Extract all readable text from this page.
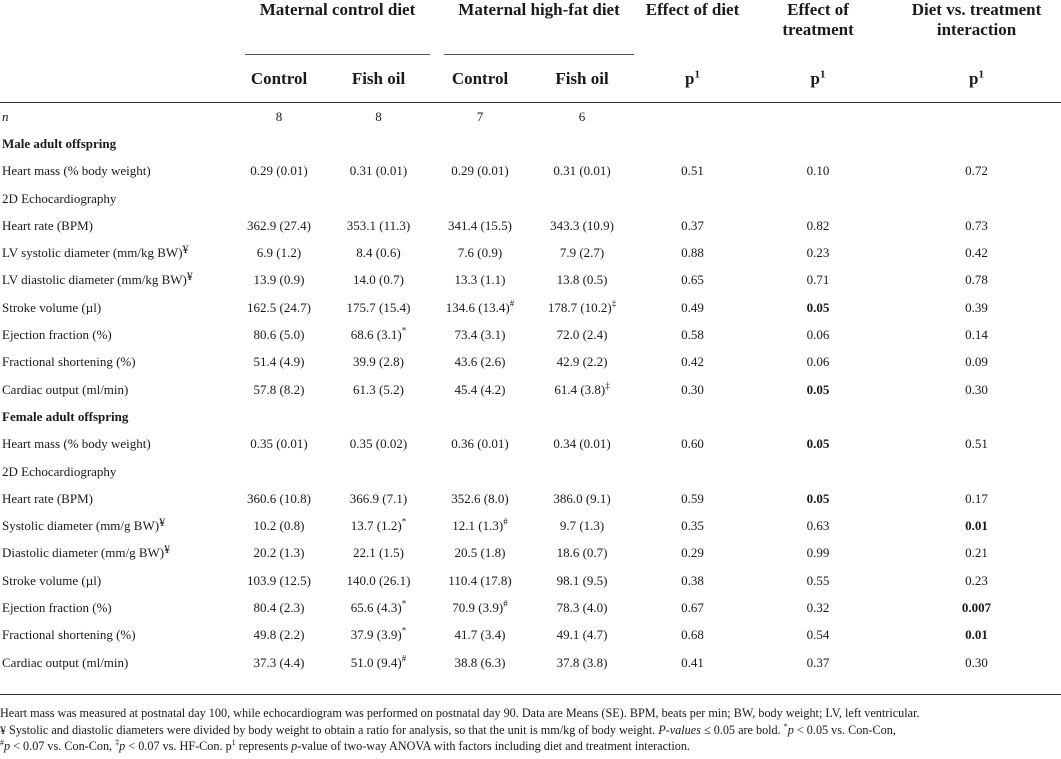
	Maternal control diet		Maternal high-fat diet		Effect of diet	Effect of treatment	Diet vs. treatment interaction
	Control	Fish oil	Control	Fish oil	$p^1$	$p^1$	$p^1$
n	8	8	7	6			
Male adult offspring							
Heart mass (% body weight)	0.29 (0.01)	0.31 (0.01)	0.29 (0.01)	0.31 (0.01)	0.51	0.10	0.72
2D Echocardiography							
Heart rate (BPM)	362.9 (27.4)	353.1 (11.3)	341.4 (15.5)	343.3 (10.9)	0.37	0.82	0.73
LV systolic diameter (mm/kg BW)¥	6.9 (1.2)	8.4 (0.6)	7.6 (0.9)	7.9 (2.7)	0.88	0.23	0.42
LV diastolic diameter (mm/kg BW)¥	13.9 (0.9)	14.0 (0.7)	13.3 (1.1)	13.8 (0.5)	0.65	0.71	0.78
Stroke volume (µl)	162.5 (24.7)	175.7 (15.4)	134.6 (13.4)#	178.7 (10.2)‡	0.49	0.05	0.39
Ejection fraction (%)	80.6 (5.0)	68.6 (3.1)*	73.4 (3.1)	72.0 (2.4)	0.58	0.06	0.14
Fractional shortening (%)	51.4 (4.9)	39.9 (2.8)	43.6 (2.6)	42.9 (2.2)	0.42	0.06	0.09
Cardiac output (ml/min)	57.8 (8.2)	61.3 (5.2)	45.4 (4.2)	61.4 (3.8)‡	0.30	0.05	0.30
Female adult offspring							
Heart mass (% body weight)	0.35 (0.01)	0.35 (0.02)	0.36 (0.01)	0.34 (0.01)	0.60	0.05	0.51
2D Echocardiography							
Heart rate (BPM)	360.6 (10.8)	366.9 (7.1)	352.6 (8.0)	386.0 (9.1)	0.59	0.05	0.17
Systolic diameter (mm/g BW)¥	10.2 (0.8)	13.7 (1.2)*	12.1 (1.3)#	9.7 (1.3)	0.35	0.63	0.01
Diastolic diameter (mm/g BW)¥	20.2 (1.3)	22.1 (1.5)	20.5 (1.8)	18.6 (0.7)	0.29	0.99	0.21
Stroke volume (µl)	103.9 (12.5)	140.0 (26.1)	110.4 (17.8)	98.1 (9.5)	0.38	0.55	0.23
Ejection fraction (%)	80.4 (2.3)	65.6 (4.3)*	70.9 (3.9)#	78.3 (4.0)	0.67	0.32	0.007
Fractional shortening (%)	49.8 (2.2)	37.9 (3.9)*	41.7 (3.4)	49.1 (4.7)	0.68	0.54	0.01
Cardiac output (ml/min)	37.3 (4.4)	51.0 (9.4)#	38.8 (6.3)	37.8 (3.8)	0.41	0.37	0.30
Heart mass was measured at postnatal day 100, while echocardiogram was performed on postnatal day 90. Data are Means (SE). BPM, beats per min; BW, body weight; LV, left ventricular.
¥ Systolic and diastolic diameters were divided by body weight to obtain a ratio for analysis, so that the unit is mm/kg of body weight. P-values ≤ 0.05 are bold. *p < 0.05 vs. Con-Con,
#p < 0.07 vs. Con-Con, ‡p < 0.07 vs. HF-Con. $p^1$ represents p-value of two-way ANOVA with factors including diet and treatment interaction.
